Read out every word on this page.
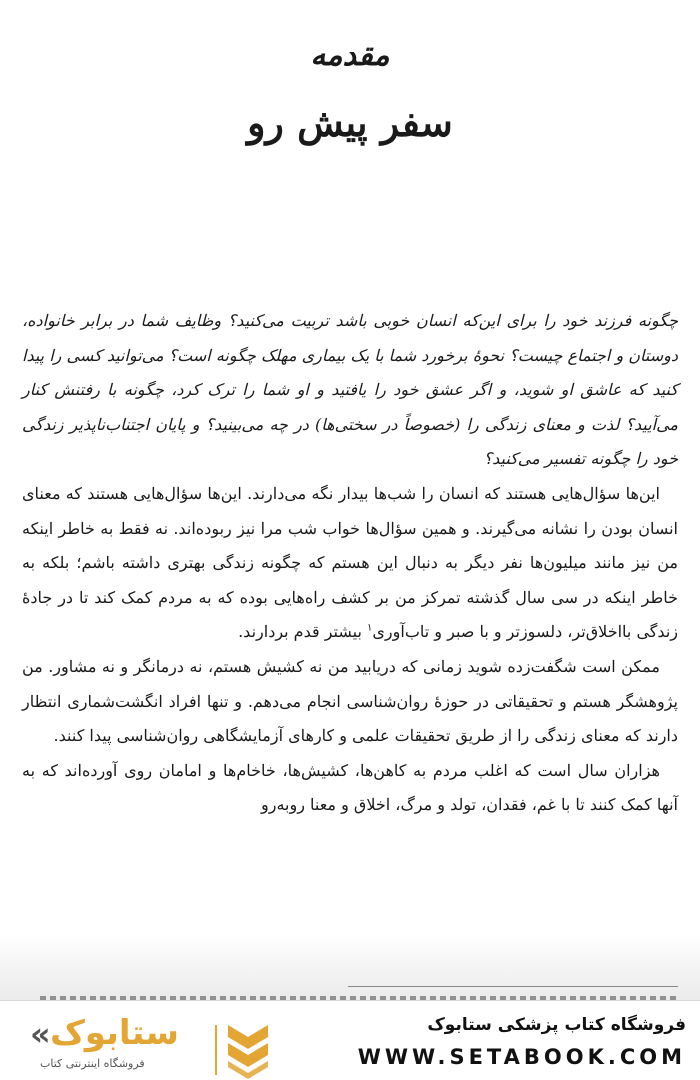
مقدمه
سفر پیش رو

چگونه فرزند خود را برای این‌که انسان خوبی باشد تربیت می‌کنید؟ وظایف شما در برابر خانواده، دوستان و اجتماع چیست؟ نحوهٔ برخورد شما با یک بیماری مهلک چگونه است؟ می‌توانید کسی را پیدا کنید که عاشق او شوید، و اگر عشق خود را یافتید و او شما را ترک کرد، چگونه با رفتنش کنار می‌آیید؟ لذت و معنای زندگی را (خصوصاً در سختی‌ها) در چه می‌بینید؟ و پایان اجتناب‌ناپذیر زندگی خود را چگونه تفسیر می‌کنید؟

این‌ها سؤال‌هایی هستند که انسان را شب‌ها بیدار نگه می‌دارند. این‌ها سؤال‌هایی هستند که معنای انسان بودن را نشانه می‌گیرند. و همین سؤال‌ها خواب شب مرا نیز ربوده‌اند. نه فقط به خاطر اینکه من نیز مانند میلیون‌ها نفر دیگر به دنبال این هستم که چگونه زندگی بهتری داشته باشم؛ بلکه به خاطر اینکه در سی سال گذشته تمرکز من بر کشف راه‌هایی بوده که به مردم کمک کند تا در جادهٔ زندگی بااخلاق‌تر، دلسوزتر و با صبر و تاب‌آوری$^۱$ بیشتر قدم بردارند.

ممکن است شگفت‌زده شوید زمانی که دریابید من نه کشیش هستم، نه درمانگر و نه مشاور. من پژوهشگر هستم و تحقیقاتی در حوزهٔ روان‌شناسی انجام می‌دهم. و تنها افراد انگشت‌شماری انتظار دارند که معنای زندگی را از طریق تحقیقات علمی و کارهای آزمایشگاهی روان‌شناسی پیدا کنند.

هزاران سال است که اغلب مردم به کاهن‌ها، کشیش‌ها، خاخام‌ها و امامان روی آورده‌اند که به آنها کمک کنند تا با غم، فقدان، تولد و مرگ، اخلاق و معنا روبه‌رو

فروشگاه کتاب پزشکی ستابوک
WWW.SETABOOK.COM
« ستابوک
فروشگاه اینترنتی کتاب
